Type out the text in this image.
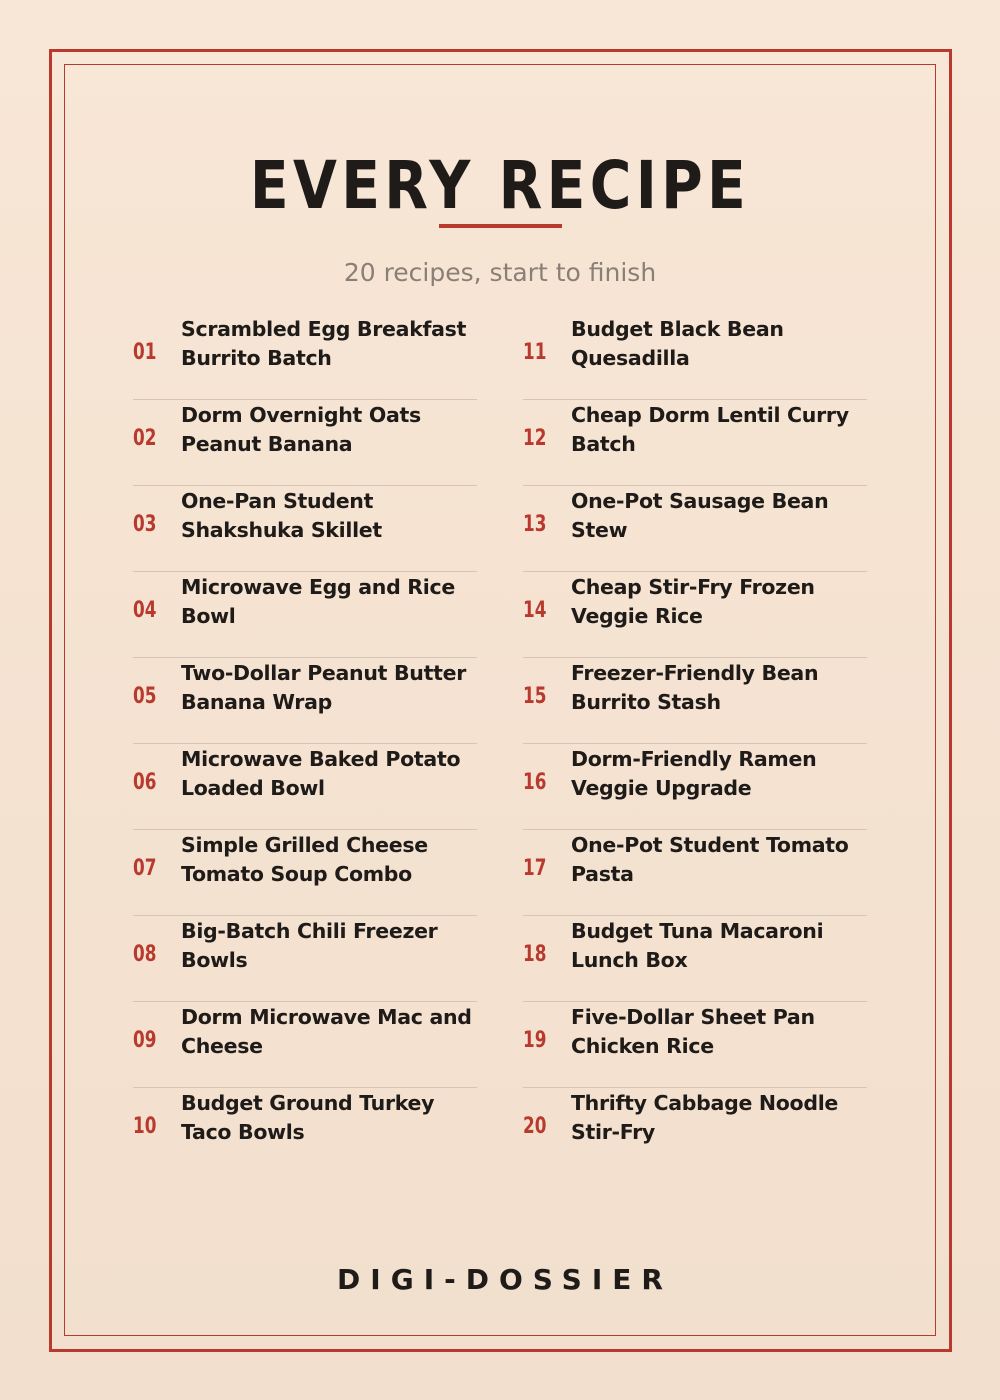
EVERY RECIPE
20 recipes, start to finish
01
Scrambled Egg Breakfast Burrito Batch
02
Dorm Overnight Oats Peanut Banana
03
One-Pan Student Shakshuka Skillet
04
Microwave Egg and Rice Bowl
05
Two-Dollar Peanut Butter Banana Wrap
06
Microwave Baked Potato Loaded Bowl
07
Simple Grilled Cheese Tomato Soup Combo
08
Big-Batch Chili Freezer Bowls
09
Dorm Microwave Mac and Cheese
10
Budget Ground Turkey Taco Bowls
11
Budget Black Bean Quesadilla
12
Cheap Dorm Lentil Curry Batch
13
One-Pot Sausage Bean Stew
14
Cheap Stir-Fry Frozen Veggie Rice
15
Freezer-Friendly Bean Burrito Stash
16
Dorm-Friendly Ramen Veggie Upgrade
17
One-Pot Student Tomato Pasta
18
Budget Tuna Macaroni Lunch Box
19
Five-Dollar Sheet Pan Chicken Rice
20
Thrifty Cabbage Noodle Stir-Fry
DIGI-DOSSIER
